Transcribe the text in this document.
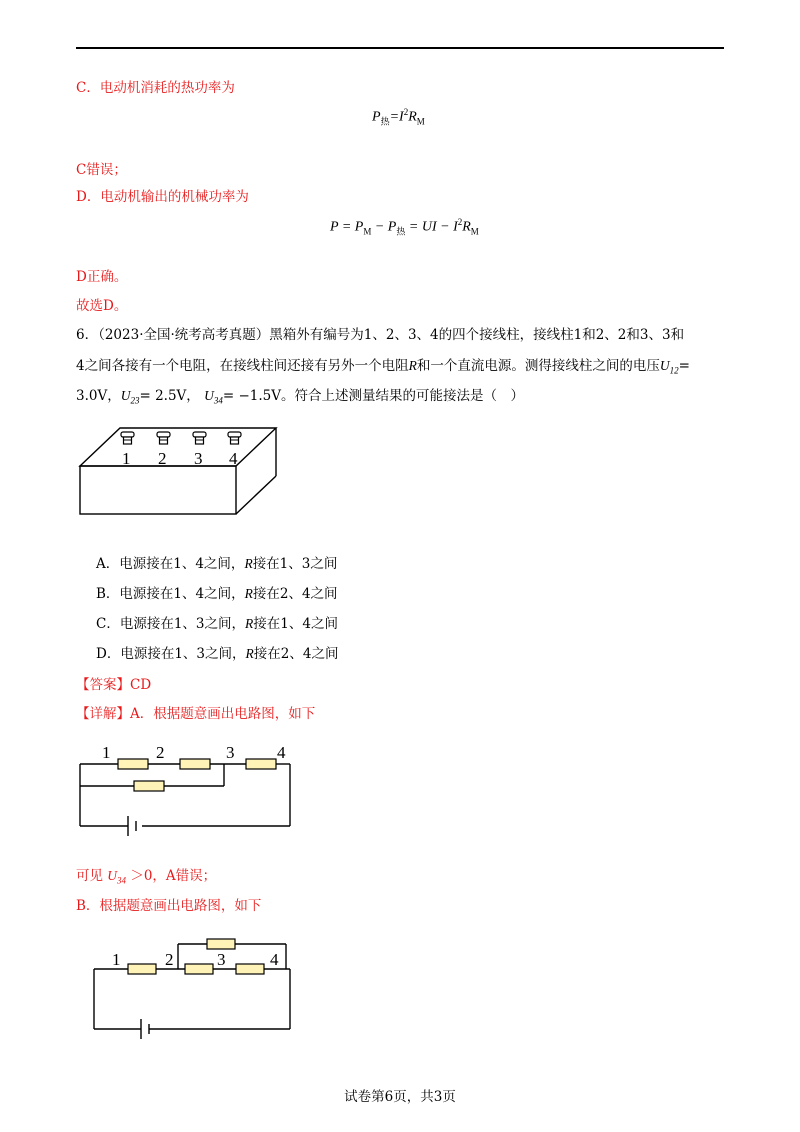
C．电动机消耗的热功率为
$P_热=I^2R_M$
C错误；
D．电动机输出的机械功率为
$P = P_M - P_热$ = UI − $I^2R_M$
D正确。
故选D。
6．（2023·全国·统考高考真题）黑箱外有编号为1、2、3、4的四个接线柱，接线柱1和2、2和3、3和
4之间各接有一个电阻，在接线柱间还接有另外一个电阻R和一个直流电源。测得接线柱之间的电压$U_{12}=$
3.0V，$U_{23}= 2.5V$， $U_{34}= -1.5V$。符合上述测量结果的可能接法是（　）
1 2 3 4
A．电源接在1、4之间，R接在1、3之间
B．电源接在1、4之间，R接在2、4之间
C．电源接在1、3之间，R接在1、4之间
D．电源接在1、3之间，R接在2、4之间
【答案】CD
【详解】A．根据题意画出电路图，如下
1	2	3	4
可见 $U_{34} >0$，A错误；
B．根据题意画出电路图，如下
1	2	3	4
试卷第6页，共3页
